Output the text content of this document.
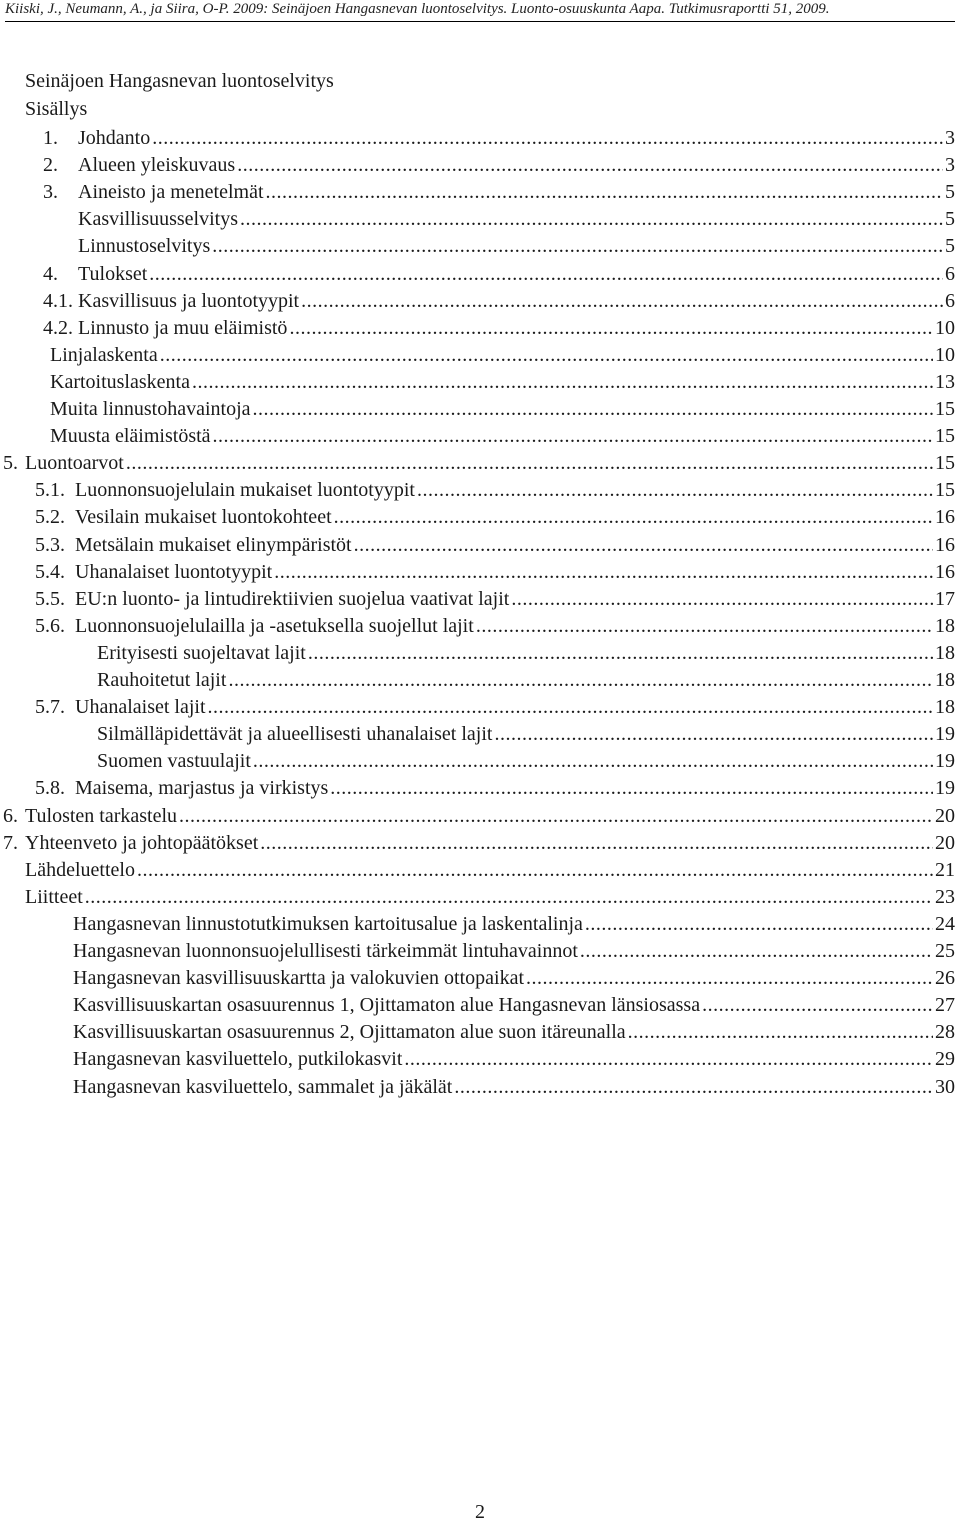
Kiiski, J., Neumann, A., ja Siira, O-P. 2009: Seinäjoen Hangasnevan luontoselvitys. Luonto-osuuskunta Aapa. Tutkimusraportti 51, 2009.
Seinäjoen Hangasnevan luontoselvitys
Sisällys
1.	Johdanto .....	3
2.	Alueen yleiskuvaus .....	3
3.	Aineisto ja menetelmät .....	5
Kasvillisuusselvitys .....	5
Linnustoselvitys .....	5
4.	Tulokset .....	6
4.1. Kasvillisuus ja luontotyypit .....	6
4.2. Linnusto ja muu eläimistö .....	10
Linjalaskenta .....	10
Kartoituslaskenta .....	13
Muita linnustohavaintoja .....	15
Muusta eläimistöstä .....	15
5. Luontoarvot .....	15
5.1. Luonnonsuojelulain mukaiset luontotyypit .....	15
5.2. Vesilain mukaiset luontokohteet .....	16
5.3. Metsälain mukaiset elinympäristöt .....	16
5.4. Uhanalaiset luontotyypit .....	16
5.5. EU:n luonto- ja lintudirektiivien suojelua vaativat lajit .....	17
5.6. Luonnonsuojelulailla ja -asetuksella suojellut lajit .....	18
Erityisesti suojeltavat lajit .....	18
Rauhoitetut lajit .....	18
5.7. Uhanalaiset lajit .....	18
Silmälläpidettävät ja alueellisesti uhanalaiset lajit .....	19
Suomen vastuulajit .....	19
5.8. Maisema, marjastus ja virkistys .....	19
6. Tulosten tarkastelu .....	20
7. Yhteenveto ja johtopäätökset .....	20
Lähdeluettelo .....	21
Liitteet .....	23
Hangasnevan linnustotutkimuksen kartoitusalue ja laskentalinja .....	24
Hangasnevan luonnonsuojelullisesti tärkeimmät lintuhavainnot .....	25
Hangasnevan kasvillisuuskartta ja valokuvien ottopaikat .....	26
Kasvillisuuskartan osasuurennus 1, Ojittamaton alue Hangasnevan länsiosassa .....	27
Kasvillisuuskartan osasuurennus 2, Ojittamaton alue suon itäreunalla .....	28
Hangasnevan kasviluettelo, putkilokasvit .....	29
Hangasnevan kasviluettelo, sammalet ja jäkälät .....	30
2
